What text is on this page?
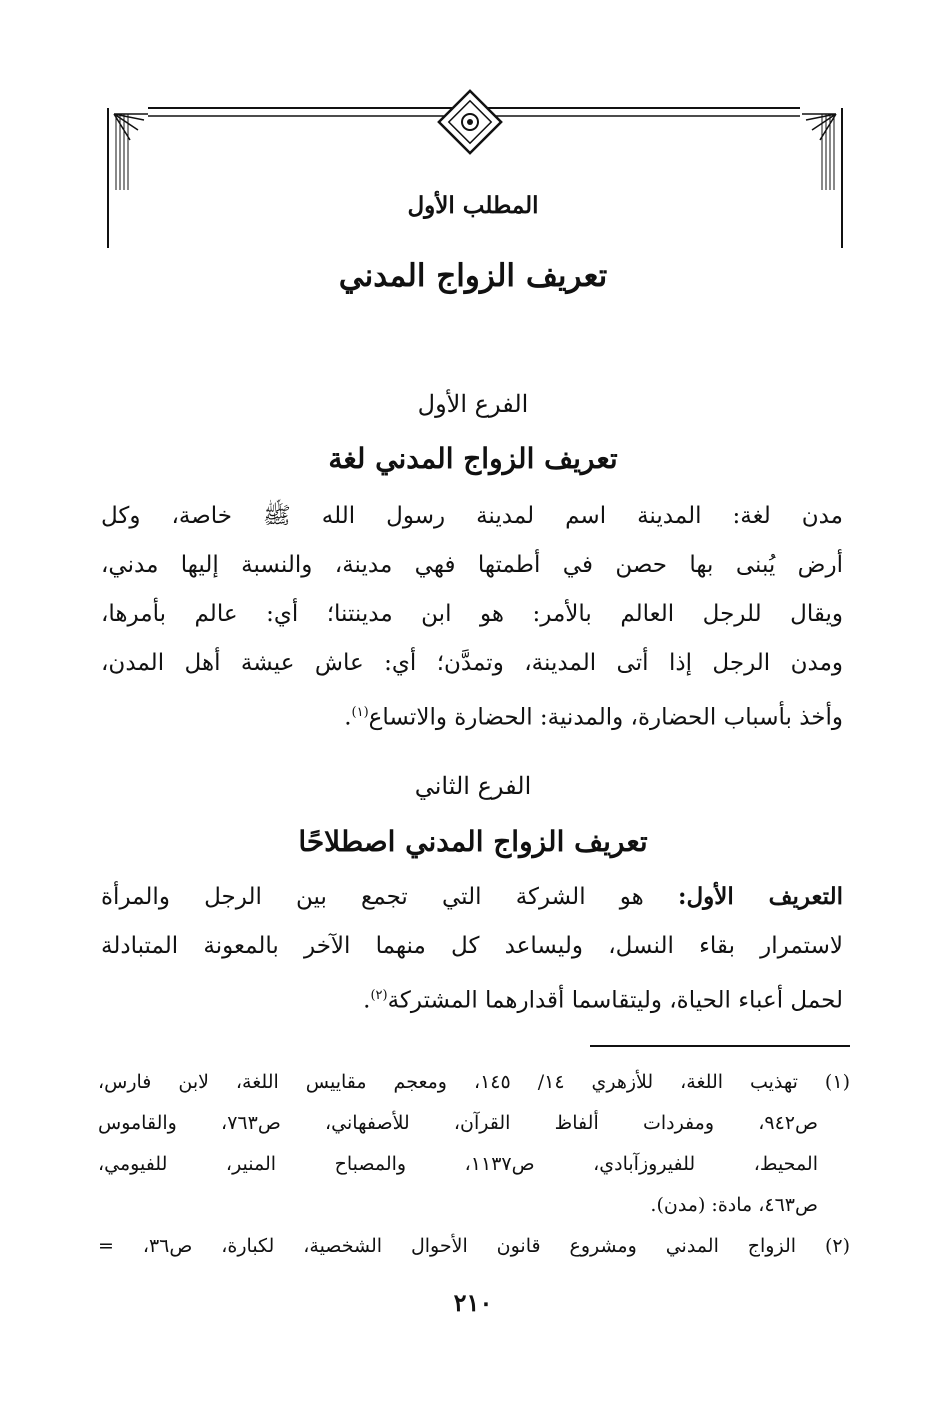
المطلب الأول
تعريف الزواج المدني
الفرع الأول
تعريف الزواج المدني لغة
مدن لغة: المدينة اسم لمدينة رسول الله ﷺ خاصة، وكل
أرض يُبنى بها حصن في أطمتها فهي مدينة، والنسبة إليها مدني،
ويقال للرجل العالم بالأمر: هو ابن مدينتنا؛ أي: عالم بأمرها،
ومدن الرجل إذا أتى المدينة، وتمدَّن؛ أي: عاش عيشة أهل المدن،
وأخذ بأسباب الحضارة، والمدنية: الحضارة والاتساع$^{(١)}$.
الفرع الثاني
تعريف الزواج المدني اصطلاحًا
التعريف الأول: هو الشركة التي تجمع بين الرجل والمرأة
لاستمرار بقاء النسل، وليساعد كل منهما الآخر بالمعونة المتبادلة
لحمل أعباء الحياة، وليتقاسما أقدارهما المشتركة$^{(٢)}$.
(١) تهذيب اللغة، للأزهري ١٤/ ١٤٥، ومعجم مقاييس اللغة، لابن فارس،
ص٩٤٢، ومفردات ألفاظ القرآن، للأصفهاني، ص٧٦٣، والقاموس
المحيط، للفيروزآبادي، ص١١٣٧، والمصباح المنير، للفيومي،
ص٤٦٣، مادة: (مدن).
(٢) الزواج المدني ومشروع قانون الأحوال الشخصية، لكبارة، ص٣٦، =
٢١٠
